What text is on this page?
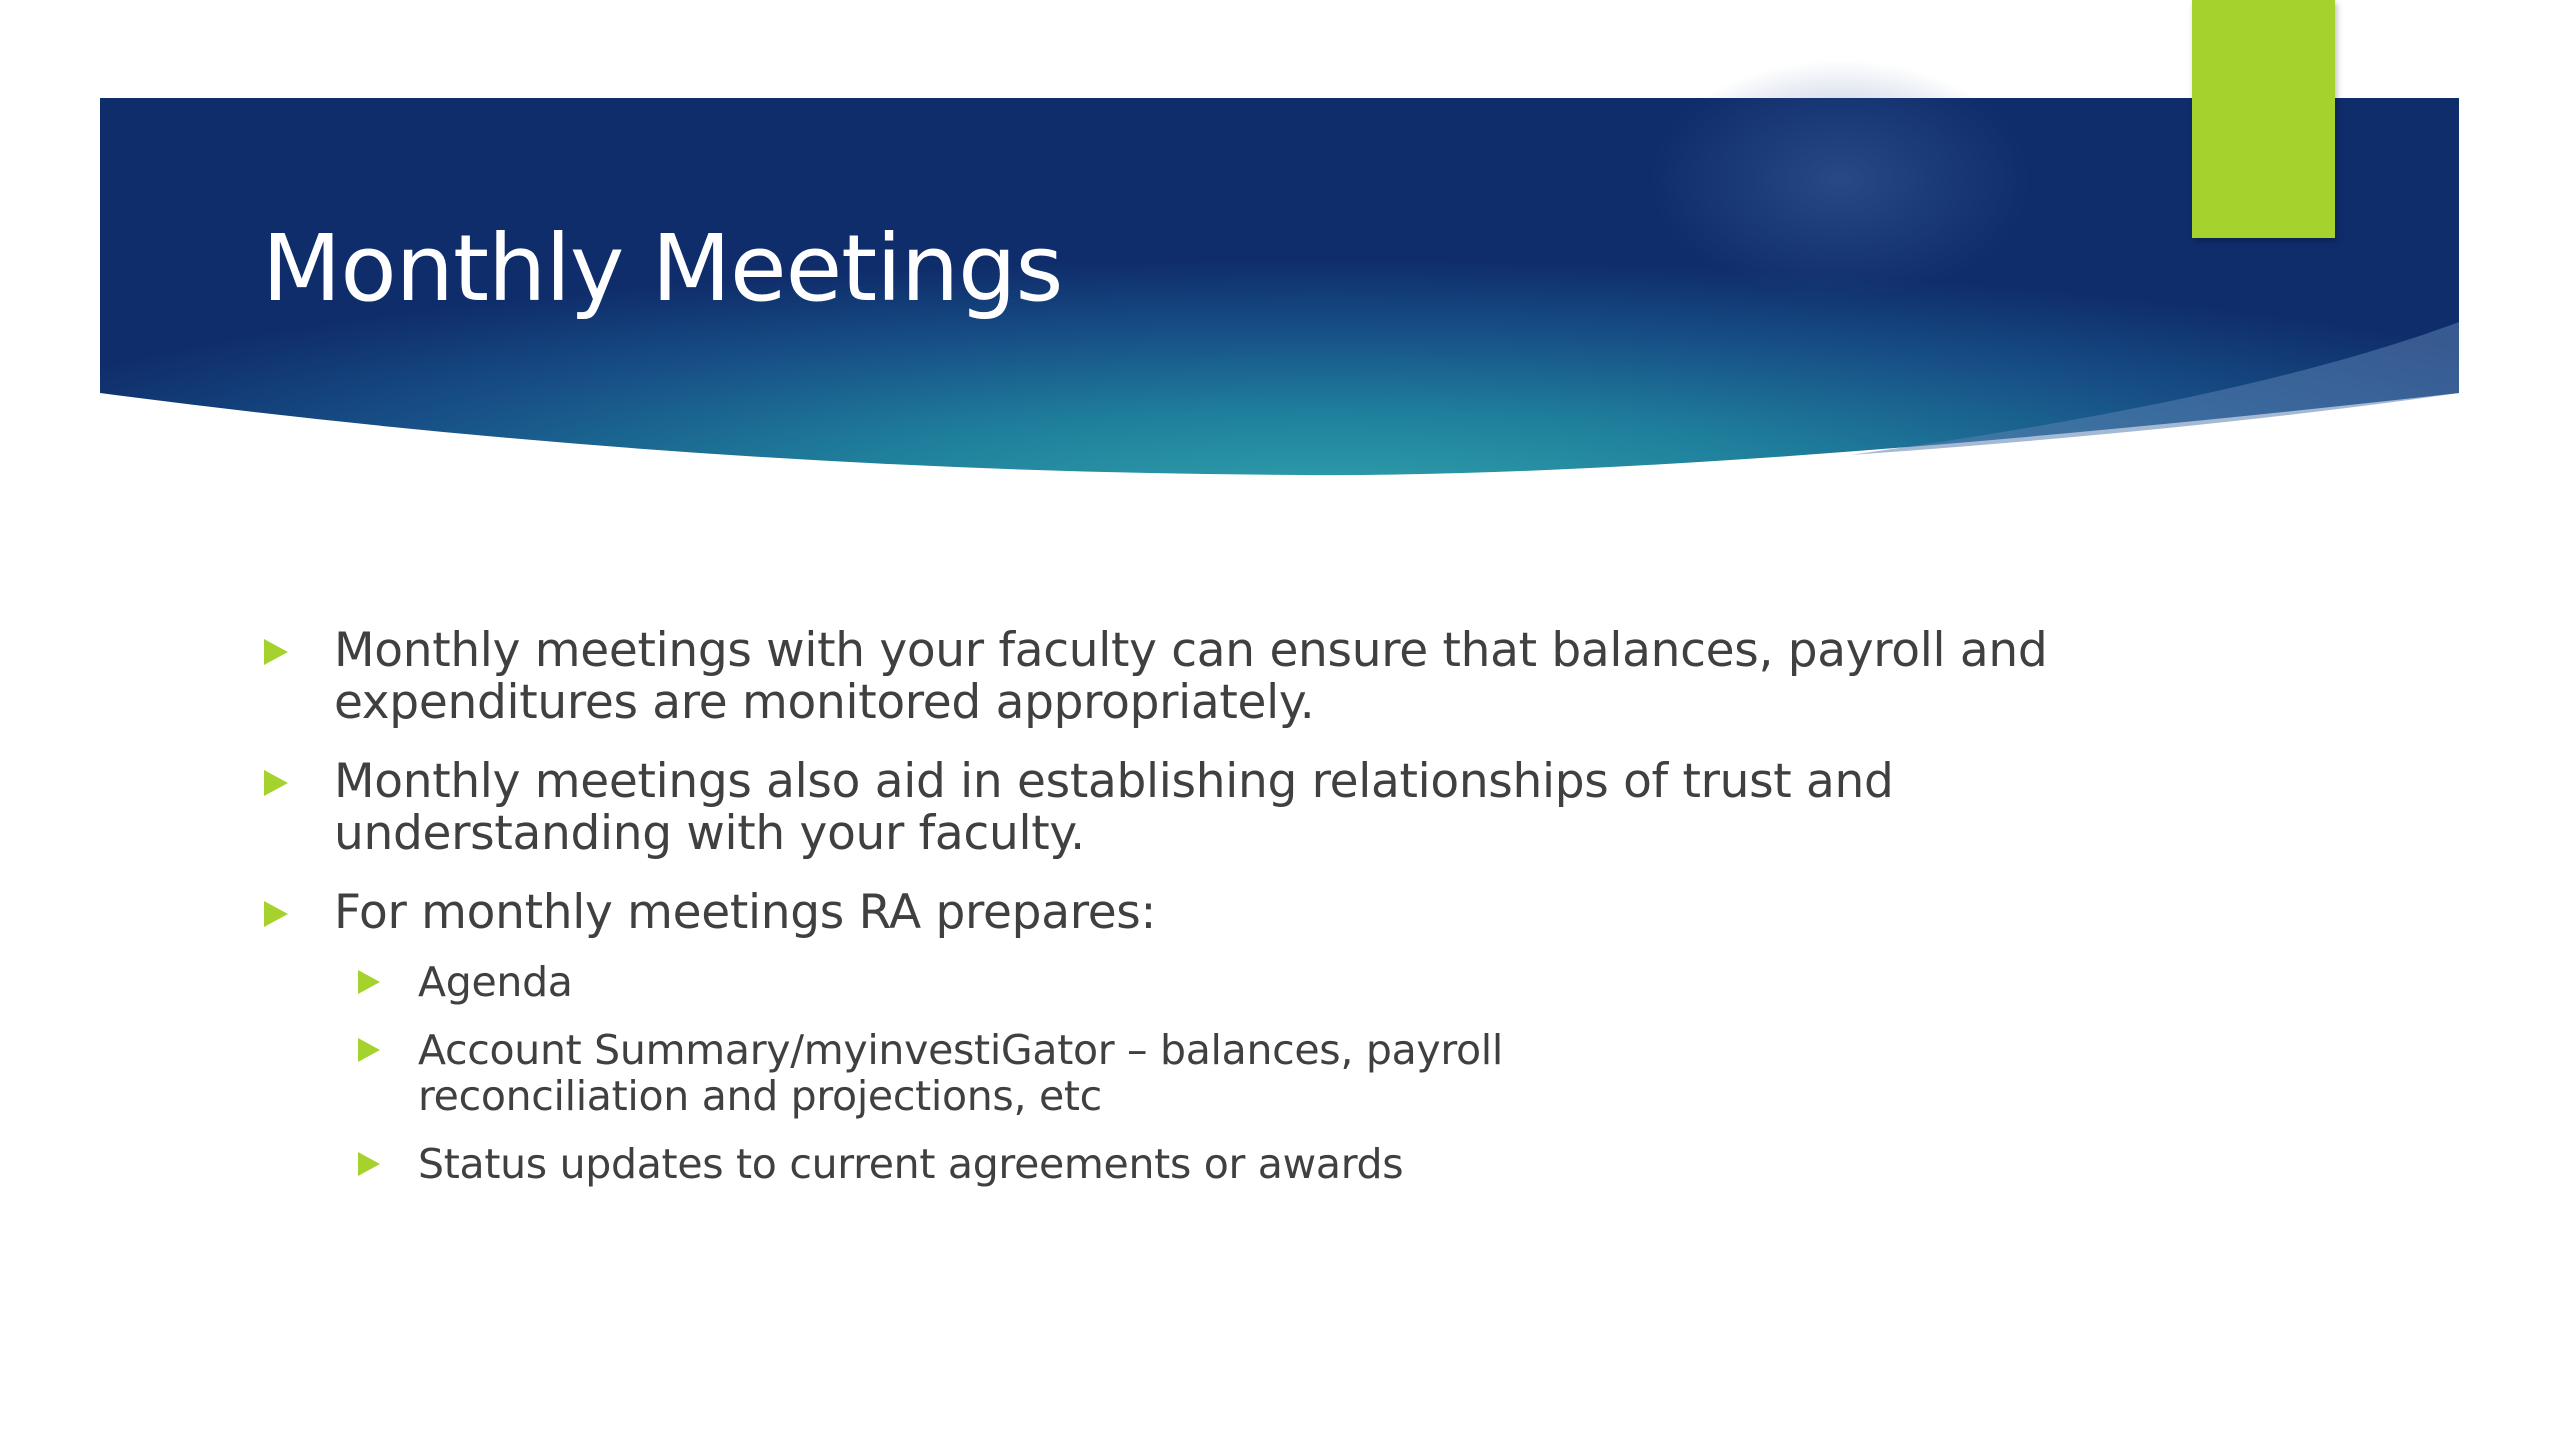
Monthly Meetings
Monthly meetings with your faculty can ensure that balances, payroll and expenditures are monitored appropriately.
Monthly meetings also aid in establishing relationships of trust and understanding with your faculty.
For monthly meetings RA prepares:
Agenda
Account Summary/myinvestiGator – balances, payroll reconciliation and projections, etc
Status updates to current agreements or awards
